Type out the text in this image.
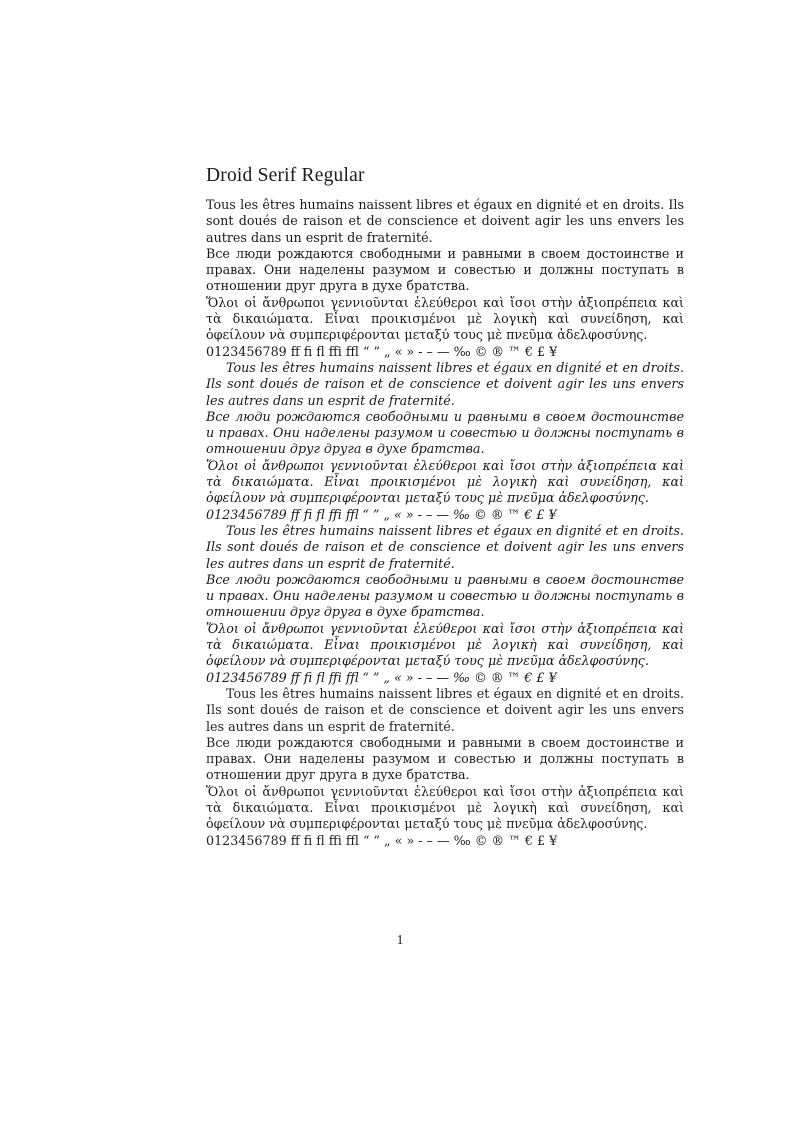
Droid Serif Regular

Tous les êtres humains naissent libres et égaux en dignité et en droits. Ils sont doués de raison et de conscience et doivent agir les uns envers les autres dans un esprit de fraternité.

Все люди рождаются свободными и равными в своем достоинстве и правах. Они наделены разумом и совестью и должны поступать в отношении друг друга в духе братства.

Ὅλοι οἱ ἄνθρωποι γεννιοῦνται ἐλεύθεροι καὶ ἴσοι στὴν ἀξιοπρέπεια καὶ τὰ δικαιώματα. Εἶναι προικισμένοι μὲ λογικὴ καὶ συνείδηση, καὶ ὀφείλουν νὰ συμπεριφέρονται μεταξύ τους μὲ πνεῦμα ἀδελφοσύνης.

0123456789 ff fi fl ffi ffl “ ” „ « » - – — ‰ © ® ™ € £ ¥

Tous les êtres humains naissent libres et égaux en dignité et en droits. Ils sont doués de raison et de conscience et doivent agir les uns envers les autres dans un esprit de fraternité.

Все люди рождаются свободными и равными в своем достоинстве и правах. Они наделены разумом и совестью и должны поступать в отношении друг друга в духе братства.

Ὅλοι οἱ ἄνθρωποι γεννιοῦνται ἐλεύθεροι καὶ ἴσοι στὴν ἀξιοπρέπεια καὶ τὰ δικαιώματα. Εἶναι προικισμένοι μὲ λογικὴ καὶ συνείδηση, καὶ ὀφείλουν νὰ συμπεριφέρονται μεταξύ τους μὲ πνεῦμα ἀδελφοσύνης.

0123456789 ff fi fl ffi ffl “ ” „ « » - – — ‰ © ® ™ € £ ¥

Tous les êtres humains naissent libres et égaux en dignité et en droits. Ils sont doués de raison et de conscience et doivent agir les uns envers les autres dans un esprit de fraternité.

Все люди рождаются свободными и равными в своем достоинстве и правах. Они наделены разумом и совестью и должны поступать в отношении друг друга в духе братства.

Ὅλοι οἱ ἄνθρωποι γεννιοῦνται ἐλεύθεροι καὶ ἴσοι στὴν ἀξιοπρέπεια καὶ τὰ δικαιώματα. Εἶναι προικισμένοι μὲ λογικὴ καὶ συνείδηση, καὶ ὀφείλουν νὰ συμπεριφέρονται μεταξύ τους μὲ πνεῦμα ἀδελφοσύνης.

0123456789 ff fi fl ffi ffl “ ” „ « » - – — ‰ © ® ™ € £ ¥

Tous les êtres humains naissent libres et égaux en dignité et en droits. Ils sont doués de raison et de conscience et doivent agir les uns envers les autres dans un esprit de fraternité.

Все люди рождаются свободными и равными в своем достоинстве и правах. Они наделены разумом и совестью и должны поступать в отношении друг друга в духе братства.

Ὅλοι οἱ ἄνθρωποι γεννιοῦνται ἐλεύθεροι καὶ ἴσοι στὴν ἀξιοπρέπεια καὶ τὰ δικαιώματα. Εἶναι προικισμένοι μὲ λογικὴ καὶ συνείδηση, καὶ ὀφείλουν νὰ συμπεριφέρονται μεταξύ τους μὲ πνεῦμα ἀδελφοσύνης.

0123456789 ff fi fl ffi ffl “ ” „ « » - – — ‰ © ® ™ € £ ¥

1
